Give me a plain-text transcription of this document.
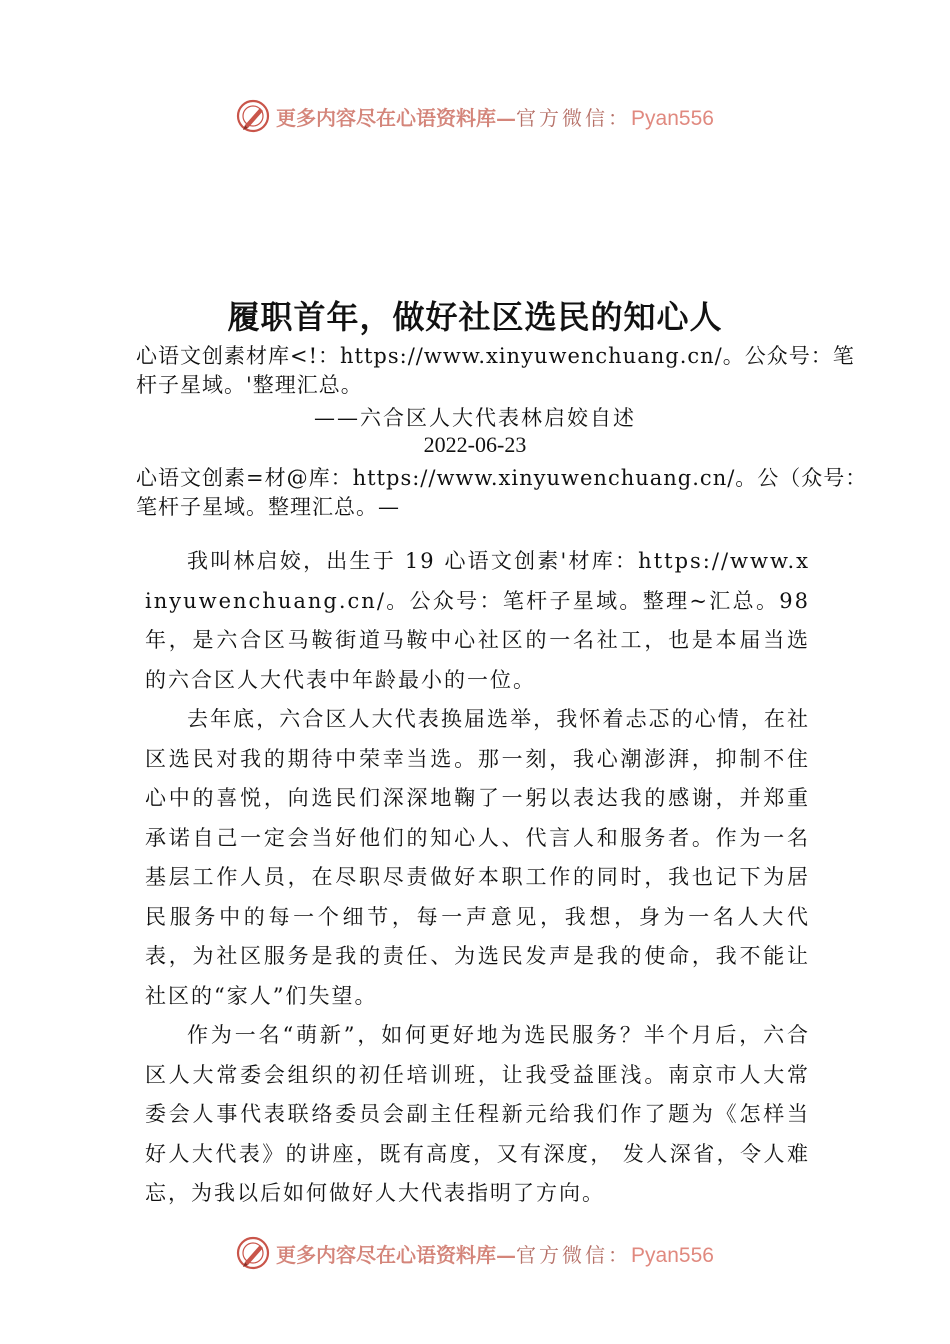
更多内容尽在心语资料库—官方微信：Pyan556
履职首年，做好社区选民的知心人
心语文创素材库<!：https://www.xinyuwenchuang.cn/。公众号：笔杆子星域。'整理汇总。
——六合区人大代表林启姣自述
2022-06-23
心语文创素=材@库：https://www.xinyuwenchuang.cn/。公（众号：笔杆子星域。整理汇总。—

我叫林启姣，出生于 19 心语文创素'材库：https://www.xinyuwenchuang.cn/。公众号：笔杆子星域。整理~汇总。98 年，是六合区马鞍街道马鞍中心社区的一名社工，也是本届当选的六合区人大代表中年龄最小的一位。

去年底，六合区人大代表换届选举，我怀着忐忑的心情，在社区选民对我的期待中荣幸当选。那一刻，我心潮澎湃，抑制不住心中的喜悦，向选民们深深地鞠了一躬以表达我的感谢，并郑重承诺自己一定会当好他们的知心人、代言人和服务者。作为一名基层工作人员，在尽职尽责做好本职工作的同时，我也记下为居民服务中的每一个细节，每一声意见，我想，身为一名人大代表，为社区服务是我的责任、为选民发声是我的使命，我不能让社区的“家人”们失望。

作为一名“萌新”，如何更好地为选民服务？半个月后，六合区人大常委会组织的初任培训班，让我受益匪浅。南京市人大常委会人事代表联络委员会副主任程新元给我们作了题为《怎样当好人大代表》的讲座，既有高度，又有深度， 发人深省，令人难忘，为我以后如何做好人大代表指明了方向。

更多内容尽在心语资料库—官方微信：Pyan556
